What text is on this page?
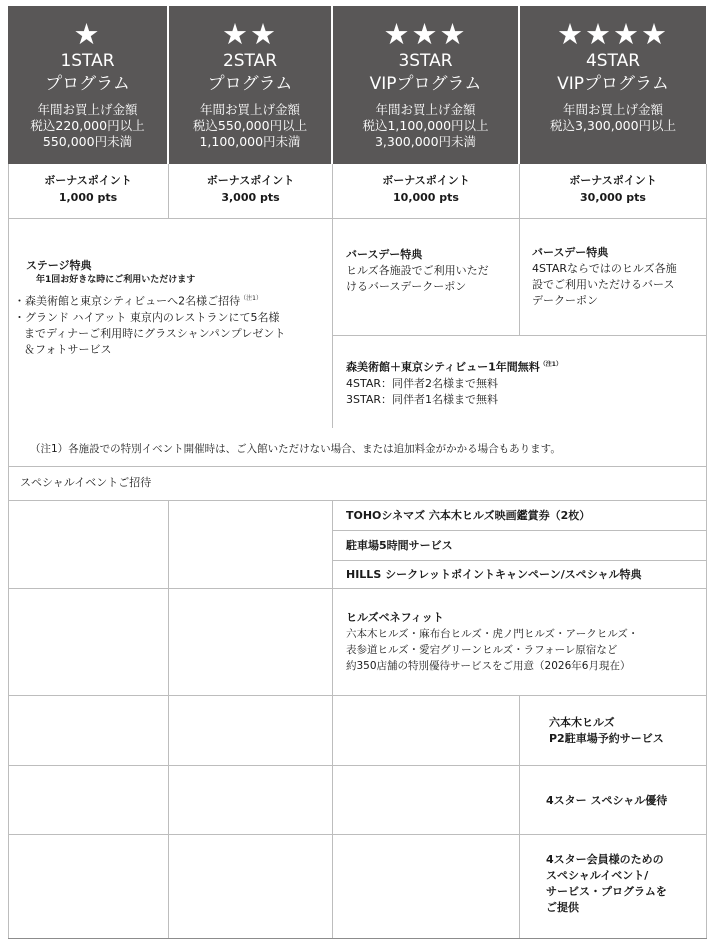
★
1STAR
プログラム
年間お買上げ金額
税込220,000円以上
550,000円未満
★★
2STAR
プログラム
年間お買上げ金額
税込550,000円以上
1,100,000円未満
★★★
3STAR
VIPプログラム
年間お買上げ金額
税込1,100,000円以上
3,300,000円未満
★★★★
4STAR
VIPプログラム
年間お買上げ金額
税込3,300,000円以上
ボーナスポイント
1,000 pts
ボーナスポイント
3,000 pts
ボーナスポイント
10,000 pts
ボーナスポイント
30,000 pts
ステージ特典
年1回お好きな時にご利用いただけます
・森美術館と東京シティビューへ2名様ご招待$^{(注1)}$
・グランド ハイアット 東京内のレストランにて5名様
までディナーご利用時にグラスシャンパンプレゼント
＆フォトサービス
バースデー特典
ヒルズ各施設でご利用いただ
けるバースデークーポン
バースデー特典
4STARならではのヒルズ各施
設でご利用いただけるバース
デークーポン
森美術館＋東京シティビュー1年間無料$^{(注1)}$
4STAR：同伴者2名様まで無料
3STAR：同伴者1名様まで無料
（注1）各施設での特別イベント開催時は、ご入館いただけない場合、または追加料金がかかる場合もあります。
スペシャルイベントご招待
TOHOシネマズ 六本木ヒルズ映画鑑賞券（2枚）
駐車場5時間サービス
HILLS シークレットポイントキャンペーン/スペシャル特典
ヒルズベネフィット
六本木ヒルズ・麻布台ヒルズ・虎ノ門ヒルズ・アークヒルズ・
表参道ヒルズ・愛宕グリーンヒルズ・ラフォーレ原宿など
約350店舗の特別優待サービスをご用意（2026年6月現在）
六本木ヒルズ
P2駐車場予約サービス
4スター スペシャル優待
4スター会員様のための
スペシャルイベント/
サービス・プログラムを
ご提供
